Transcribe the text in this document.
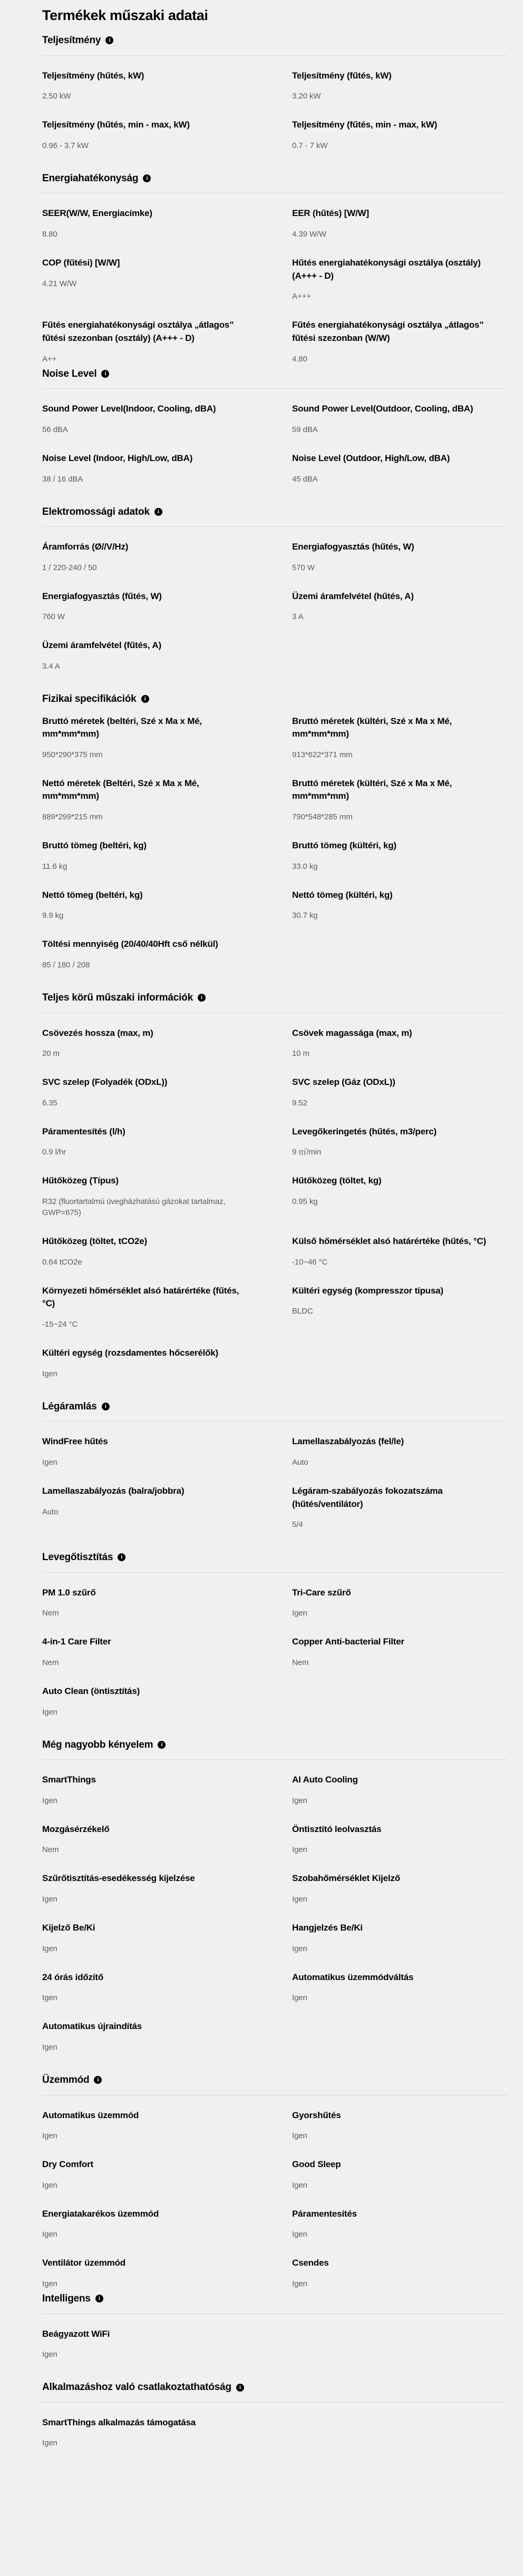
Termékek műszaki adatai
Teljesítmény	i
Teljesítmény (hűtés, kW)
2.50 kW
Teljesítmény (fűtés, kW)
3.20 kW
Teljesítmény (hűtés, min - max, kW)
0.96 - 3.7 kW
Teljesítmény (fűtés, min - max, kW)
0.7 - 7 kW
Energiahatékonyság	i
SEER(W/W, Energiacímke)
8.80
EER (hűtés) [W/W]
4.39 W/W
COP (fűtési) [W/W]
4.21 W/W
Hűtés energiahatékonysági osztálya (osztály) (A+++ - D)
A+++
Fűtés energiahatékonysági osztálya „átlagos” fűtési szezonban (osztály) (A+++ - D)
A++
Fűtés energiahatékonysági osztálya „átlagos” fűtési szezonban (W/W)
4.80
Noise Level	i
Sound Power Level(Indoor, Cooling, dBA)
56 dBA
Sound Power Level(Outdoor, Cooling, dBA)
59 dBA
Noise Level (Indoor, High/Low, dBA)
38 / 16 dBA
Noise Level (Outdoor, High/Low, dBA)
45 dBA
Elektromossági adatok	i
Áramforrás (Ø//V/Hz)
1 / 220-240 / 50
Energiafogyasztás (hűtés, W)
570 W
Energiafogyasztás (fűtés, W)
760 W
Üzemi áramfelvétel (hűtés, A)
3 A
Üzemi áramfelvétel (fűtés, A)
3.4 A
Fizikai specifikációk	i
Bruttó méretek (beltéri, Szé x Ma x Mé, mm*mm*mm)
950*290*375 mm
Bruttó méretek (kültéri, Szé x Ma x Mé, mm*mm*mm)
913*622*371 mm
Nettó méretek (Beltéri, Szé x Ma x Mé, mm*mm*mm)
889*299*215 mm
Bruttó méretek (kültéri, Szé x Ma x Mé, mm*mm*mm)
790*548*285 mm
Bruttó tömeg (beltéri, kg)
11.6 kg
Bruttó tömeg (kültéri, kg)
33.0 kg
Nettó tömeg (beltéri, kg)
9.9 kg
Nettó tömeg (kültéri, kg)
30.7 kg
Töltési mennyiség (20/40/40Hft cső nélkül)
85 / 180 / 208
Teljes körű műszaki információk	i
Csövezés hossza (max, m)
20 m
Csövek magassága (max, m)
10 m
SVC szelep (Folyadék (ODxL))
6.35
SVC szelep (Gáz (ODxL))
9.52
Páramentesítés (l/h)
0.9 l/hr
Levegőkeringetés (hűtés, m3/perc)
9 ㎥/min
Hűtőközeg (Típus)
R32 (fluortartalmú üvegházhatású gázokat tartalmaz, GWP=675)
Hűtőközeg (töltet, kg)
0.95 kg
Hűtőközeg (töltet, tCO2e)
0.64 tCO2e
Külső hőmérséklet alsó határértéke (hűtés, °C)
-10~46 °C
Környezeti hőmérséklet alsó határértéke (fűtés, °C)
-15~24 °C
Kültéri egység (kompresszor típusa)
BLDC
Kültéri egység (rozsdamentes hőcserélők)
Igen
Légáramlás	i
WindFree hűtés
Igen
Lamellaszabályozás (fel/le)
Auto
Lamellaszabályozás (balra/jobbra)
Auto
Légáram-szabályozás fokozatszáma (hűtés/ventilátor)
5/4
Levegőtisztítás	i
PM 1.0 szűrő
Nem
Tri-Care szűrő
Igen
4-in-1 Care Filter
Nem
Copper Anti-bacterial Filter
Nem
Auto Clean (öntisztítás)
Igen
Még nagyobb kényelem	i
SmartThings
Igen
AI Auto Cooling
Igen
Mozgásérzékelő
Nem
Öntisztító leolvasztás
Igen
Szűrőtisztítás-esedékesség kijelzése
Igen
Szobahőmérséklet Kijelző
Igen
Kijelző Be/Ki
Igen
Hangjelzés Be/Ki
Igen
24 órás időzítő
Igen
Automatikus üzemmódváltás
Igen
Automatikus újraindítás
Igen
Üzemmód	i
Automatikus üzemmód
Igen
Gyorshűtés
Igen
Dry Comfort
Igen
Good Sleep
Igen
Energiatakarékos üzemmód
Igen
Páramentesítés
Igen
Ventilátor üzemmód
Igen
Csendes
Igen
Intelligens	i
Beágyazott WiFi
Igen
Alkalmazáshoz való csatlakoztathatóság	i
SmartThings alkalmazás támogatása
Igen
